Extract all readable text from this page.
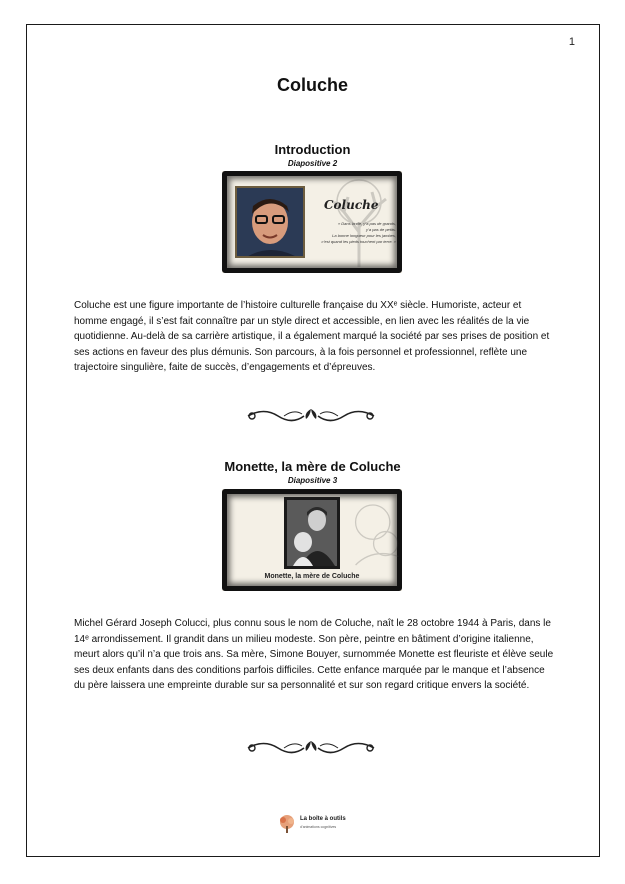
1
Coluche
Introduction
Diapositive 2
Coluche
« Dans la vie, y’a pas de grands,
y’a pas de petits.
La bonne longueur pour les jambes,
c’est quand les pieds touchent par terre. »
Coluche est une figure importante de l’histoire culturelle française du XXᵉ siècle. Humoriste, acteur et homme engagé, il s’est fait connaître par un style direct et accessible, en lien avec les réalités de la vie quotidienne. Au-delà de sa carrière artistique, il a également marqué la société par ses prises de position et ses actions en faveur des plus démunis. Son parcours, à la fois personnel et professionnel, reflète une trajectoire singulière, faite de succès, d’engagements et d’épreuves.
Monette, la mère de Coluche
Diapositive 3
Monette, la mère de Coluche
Michel Gérard Joseph Colucci, plus connu sous le nom de Coluche, naît le 28 octobre 1944 à Paris, dans le 14ᵉ arrondissement. Il grandit dans un milieu modeste. Son père, peintre en bâtiment d’origine italienne, meurt alors qu’il n’a que trois ans. Sa mère, Simone Bouyer, surnommée Monette est fleuriste et élève seule ses deux enfants dans des conditions parfois difficiles. Cette enfance marquée par le manque et l’absence du père laissera une empreinte durable sur sa personnalité et sur son regard critique envers la société.
La boîte à outils
d’animations cognitives
